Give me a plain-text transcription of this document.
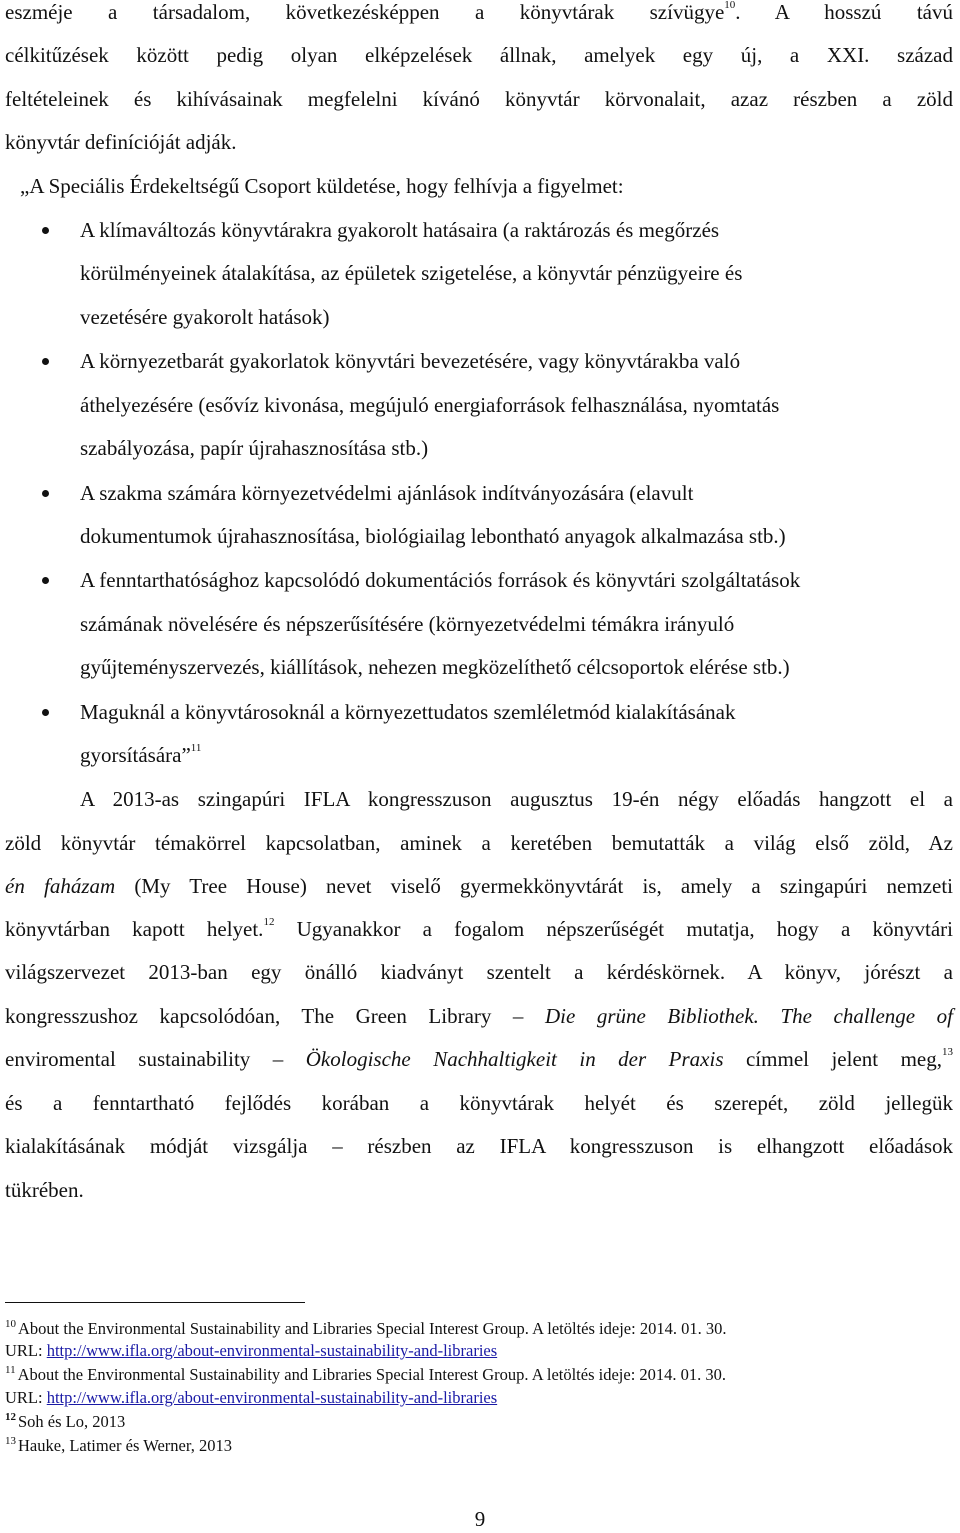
eszméje a társadalom, következésképpen a könyvtárak szívügye$^{10}$. A hosszú távú
célkitűzések között pedig olyan elképzelések állnak, amelyek egy új, a XXI. század
feltételeinek és kihívásainak megfelelni kívánó könyvtár körvonalait, azaz részben a zöld
könyvtár definícióját adják.
„A Speciális Érdekeltségű Csoport küldetése, hogy felhívja a figyelmet:
A klímaváltozás könyvtárakra gyakorolt hatásaira (a raktározás és megőrzés
körülményeinek átalakítása, az épületek szigetelése, a könyvtár pénzügyeire és
vezetésére gyakorolt hatások)
A környezetbarát gyakorlatok könyvtári bevezetésére, vagy könyvtárakba való
áthelyezésére (esővíz kivonása, megújuló energiaforrások felhasználása, nyomtatás
szabályozása, papír újrahasznosítása stb.)
A szakma számára környezetvédelmi ajánlások indítványozására (elavult
dokumentumok újrahasznosítása, biológiailag lebontható anyagok alkalmazása stb.)
A fenntarthatósághoz kapcsolódó dokumentációs források és könyvtári szolgáltatások
számának növelésére és népszerűsítésére (környezetvédelmi témákra irányuló
gyűjteményszervezés, kiállítások, nehezen megközelíthető célcsoportok elérése stb.)
Maguknál a könyvtárosoknál a környezettudatos szemléletmód kialakításának
gyorsítására”$^{11}$
A 2013-as szingapúri IFLA kongresszuson augusztus 19-én négy előadás hangzott el a
zöld könyvtár témakörrel kapcsolatban, aminek a keretében bemutatták a világ első zöld, Az
én faházam (My Tree House) nevet viselő gyermekkönyvtárát is, amely a szingapúri nemzeti
könyvtárban kapott helyet.$^{12}$ Ugyanakkor a fogalom népszerűségét mutatja, hogy a könyvtári
világszervezet 2013-ban egy önálló kiadványt szentelt a kérdéskörnek. A könyv, jórészt a
kongresszushoz kapcsolódóan, The Green Library – Die grüne Bibliothek. The challenge of
enviromental sustainability – Ökologische Nachhaltigkeit in der Praxis címmel jelent meg,$^{13}$
és a fenntartható fejlődés korában a könyvtárak helyét és szerepét, zöld jellegük
kialakításának módját vizsgálja – részben az IFLA kongresszuson is elhangzott előadások
tükrében.
$^{10}$ About the Environmental Sustainability and Libraries Special Interest Group. A letöltés ideje: 2014. 01. 30.
URL: http://www.ifla.org/about-environmental-sustainability-and-libraries
$^{11}$ About the Environmental Sustainability and Libraries Special Interest Group. A letöltés ideje: 2014. 01. 30.
URL: http://www.ifla.org/about-environmental-sustainability-and-libraries
$^{12}$ Soh és Lo, 2013
$^{13}$ Hauke, Latimer és Werner, 2013
9
